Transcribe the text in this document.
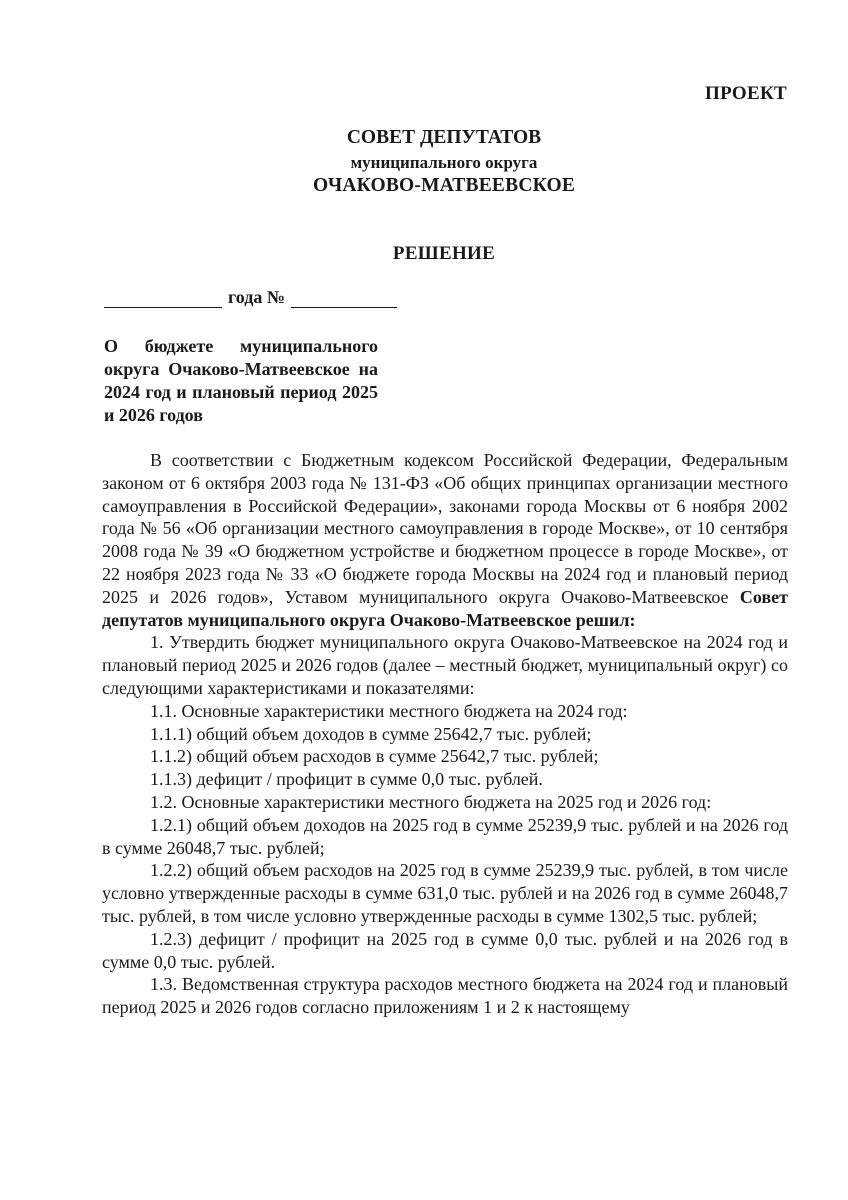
ПРОЕКТ
СОВЕТ ДЕПУТАТОВ
муниципального округа
ОЧАКОВО-МАТВЕЕВСКОЕ
РЕШЕНИЕ
года №
О бюджете муниципального округа Очаково-Матвеевское на 2024 год и плановый период 2025 и 2026 годов

В соответствии с Бюджетным кодексом Российской Федерации, Федеральным законом от 6 октября 2003 года № 131-ФЗ «Об общих принципах организации местного самоуправления в Российской Федерации», законами города Москвы от 6 ноября 2002 года № 56 «Об организации местного самоуправления в городе Москве», от 10 сентября 2008 года № 39 «О бюджетном устройстве и бюджетном процессе в городе Москве», от 22 ноября 2023 года № 33 «О бюджете города Москвы на 2024 год и плановый период 2025 и 2026 годов», Уставом муниципального округа Очаково-Матвеевское Совет депутатов муниципального округа Очаково-Матвеевское решил:

1. Утвердить бюджет муниципального округа Очаково-Матвеевское на 2024 год и плановый период 2025 и 2026 годов (далее – местный бюджет, муниципальный округ) со следующими характеристиками и показателями:

1.1. Основные характеристики местного бюджета на 2024 год:

1.1.1) общий объем доходов в сумме 25642,7 тыс. рублей;

1.1.2) общий объем расходов в сумме 25642,7 тыс. рублей;

1.1.3) дефицит / профицит в сумме 0,0 тыс. рублей.

1.2. Основные характеристики местного бюджета на 2025 год и 2026 год:

1.2.1) общий объем доходов на 2025 год в сумме 25239,9 тыс. рублей и на 2026 год в сумме 26048,7 тыс. рублей;

1.2.2) общий объем расходов на 2025 год в сумме 25239,9 тыс. рублей, в том числе условно утвержденные расходы в сумме 631,0 тыс. рублей и на 2026 год в сумме 26048,7 тыс. рублей, в том числе условно утвержденные расходы в сумме 1302,5 тыс. рублей;

1.2.3) дефицит / профицит на 2025 год в сумме 0,0 тыс. рублей и на 2026 год в сумме 0,0 тыс. рублей.

1.3. Ведомственная структура расходов местного бюджета на 2024 год и плановый период 2025 и 2026 годов согласно приложениям 1 и 2 к настоящему
